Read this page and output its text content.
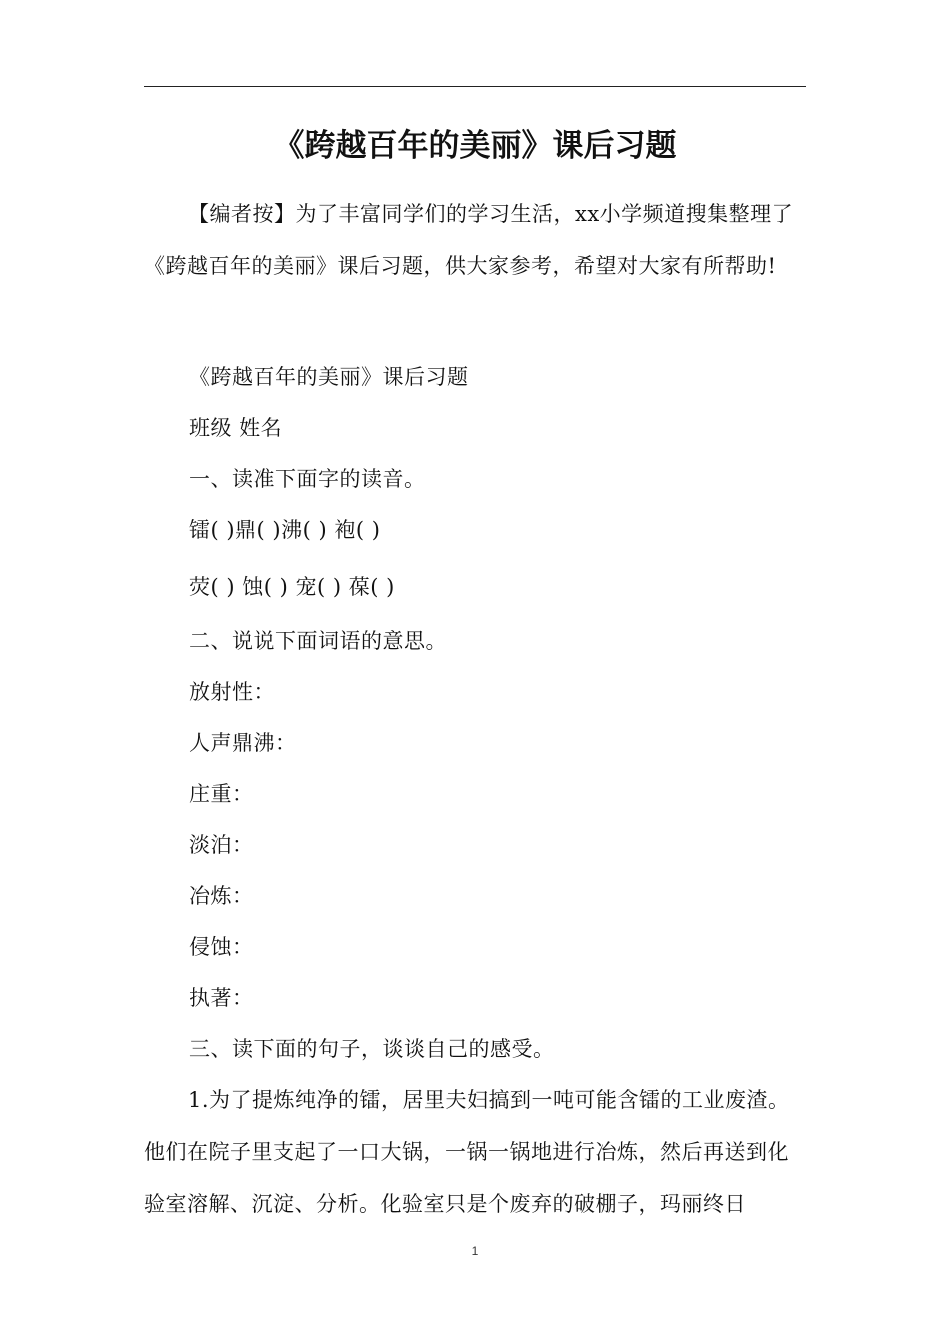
《跨越百年的美丽》课后习题
【编者按】为了丰富同学们的学习生活，xx小学频道搜集整理了《跨越百年的美丽》课后习题，供大家参考，希望对大家有所帮助!
《跨越百年的美丽》课后习题
班级 姓名
一、读准下面字的读音。
镭( )鼎( )沸( ) 袍( )
荧( ) 蚀( ) 宠( ) 葆( )
二、说说下面词语的意思。
放射性：
人声鼎沸：
庄重：
淡泊：
冶炼：
侵蚀：
执著：
三、读下面的句子，谈谈自己的感受。
1.为了提炼纯净的镭，居里夫妇搞到一吨可能含镭的工业废渣。他们在院子里支起了一口大锅，一锅一锅地进行冶炼，然后再送到化验室溶解、沉淀、分析。化验室只是个废弃的破棚子，玛丽终日
1
